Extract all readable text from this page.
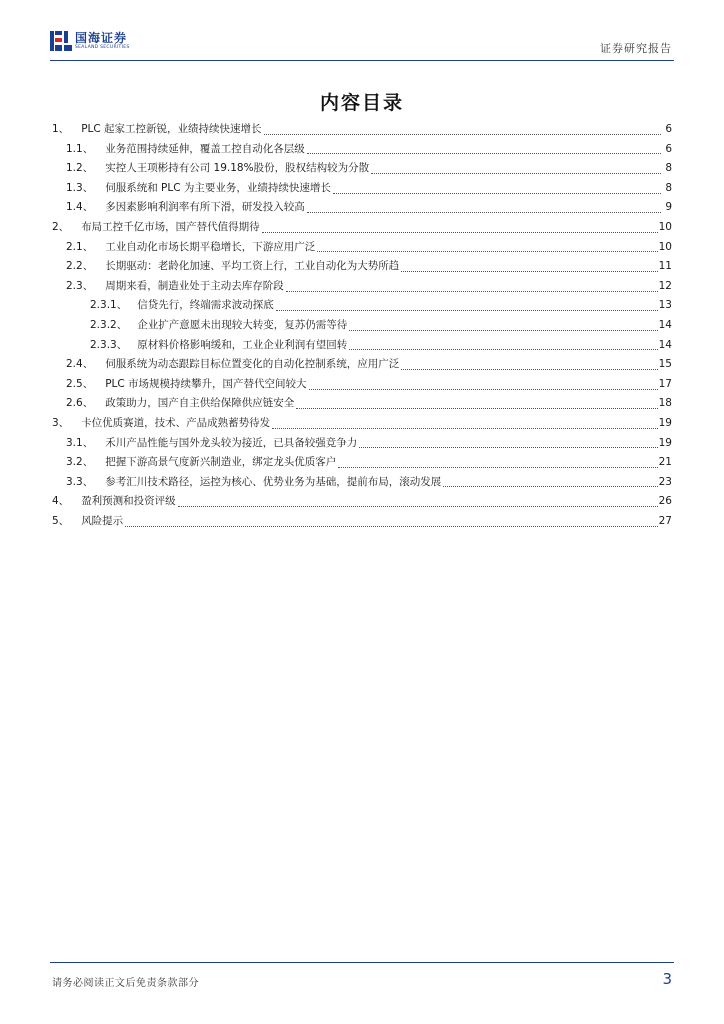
国海证券
SEALAND SECURITIES	证券研究报告
内容目录
1、 PLC 起家工控新锐，业绩持续快速增长	6
1.1、 业务范围持续延伸，覆盖工控自动化各层级	6
1.2、 实控人王项彬持有公司 19.18%股份，股权结构较为分散	8
1.3、 伺服系统和 PLC 为主要业务，业绩持续快速增长	8
1.4、 多因素影响利润率有所下滑，研发投入较高	9
2、 布局工控千亿市场，国产替代值得期待	10
2.1、 工业自动化市场长期平稳增长，下游应用广泛	10
2.2、 长期驱动：老龄化加速、平均工资上行，工业自动化为大势所趋	11
2.3、 周期来看，制造业处于主动去库存阶段	12
2.3.1、 信贷先行，终端需求波动探底	13
2.3.2、 企业扩产意愿未出现较大转变，复苏仍需等待	14
2.3.3、 原材料价格影响缓和，工业企业利润有望回转	14
2.4、 伺服系统为动态跟踪目标位置变化的自动化控制系统，应用广泛	15
2.5、 PLC 市场规模持续攀升，国产替代空间较大	17
2.6、 政策助力，国产自主供给保障供应链安全	18
3、 卡位优质赛道，技术、产品成熟蓄势待发	19
3.1、 禾川产品性能与国外龙头较为接近，已具备较强竞争力	19
3.2、 把握下游高景气度新兴制造业，绑定龙头优质客户	21
3.3、 参考汇川技术路径，运控为核心、优势业务为基础，提前布局，滚动发展	23
4、 盈利预测和投资评级	26
5、 风险提示	27
请务必阅读正文后免责条款部分	3
